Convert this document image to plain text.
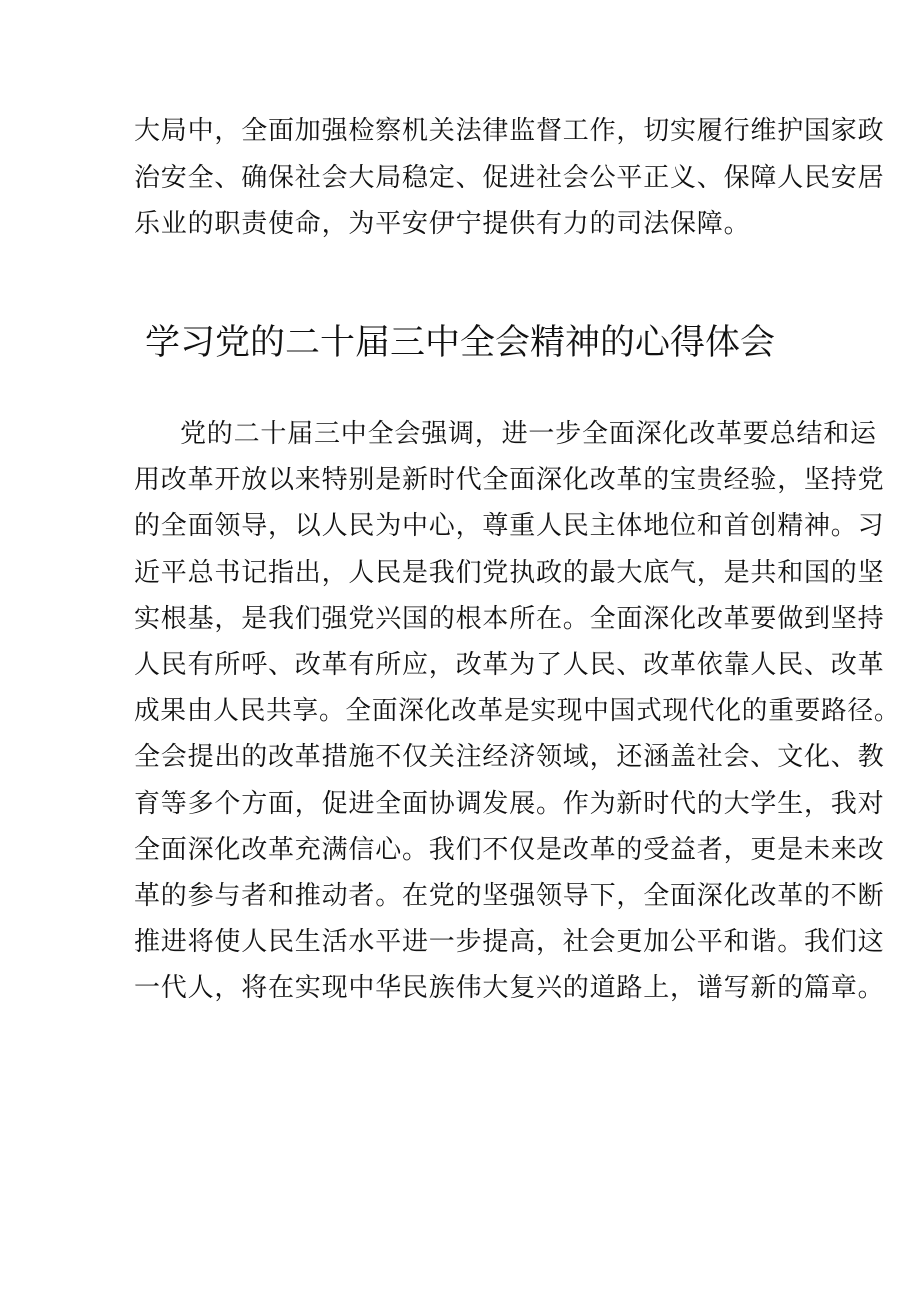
大局中，全面加强检察机关法律监督工作，切实履行维护国家政
治安全、确保社会大局稳定、促进社会公平正义、保障人民安居
乐业的职责使命，为平安伊宁提供有力的司法保障。
学习党的二十届三中全会精神的心得体会
党的二十届三中全会强调，进一步全面深化改革要总结和运
用改革开放以来特别是新时代全面深化改革的宝贵经验，坚持党
的全面领导，以人民为中心，尊重人民主体地位和首创精神。习
近平总书记指出，人民是我们党执政的最大底气，是共和国的坚
实根基，是我们强党兴国的根本所在。全面深化改革要做到坚持
人民有所呼、改革有所应，改革为了人民、改革依靠人民、改革
成果由人民共享。全面深化改革是实现中国式现代化的重要路径。
全会提出的改革措施不仅关注经济领域，还涵盖社会、文化、教
育等多个方面，促进全面协调发展。作为新时代的大学生，我对
全面深化改革充满信心。我们不仅是改革的受益者，更是未来改
革的参与者和推动者。在党的坚强领导下，全面深化改革的不断
推进将使人民生活水平进一步提高，社会更加公平和谐。我们这
一代人，将在实现中华民族伟大复兴的道路上，谱写新的篇章。
